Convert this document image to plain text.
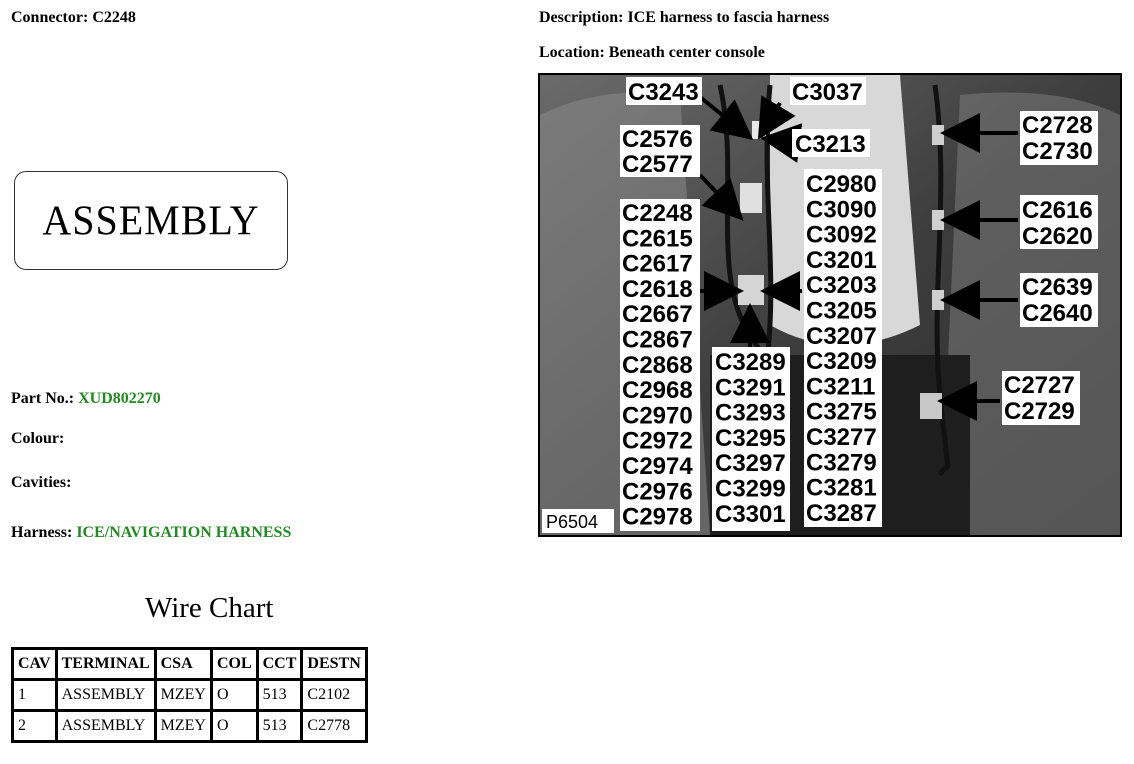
Connector: C2248	Description: ICE harness to fascia harness
Location: Beneath center console
ASSEMBLY
Part No.: XUD802270
Colour:
Cavities:
Harness: ICE/NAVIGATION HARNESS
Wire Chart
CAV	TERMINAL	CSA	COL	CCT	DESTN
1	ASSEMBLY	MZEY	O	513	C2102
2	ASSEMBLY	MZEY	O	513	C2778
C3243	C3037
C3213
C2576
C2577
C2728
C2730
C2616
C2620
C2639
C2640
C2727
C2729
C2248
C2615
C2617
C2618
C2667
C2867
C2868
C2968
C2970
C2972
C2974
C2976
C2978
C3289
C3291
C3293
C3295
C3297
C3299
C3301
C2980
C3090
C3092
C3201
C3203
C3205
C3207
C3209
C3211
C3275
C3277
C3279
C3281
C3287
P6504
